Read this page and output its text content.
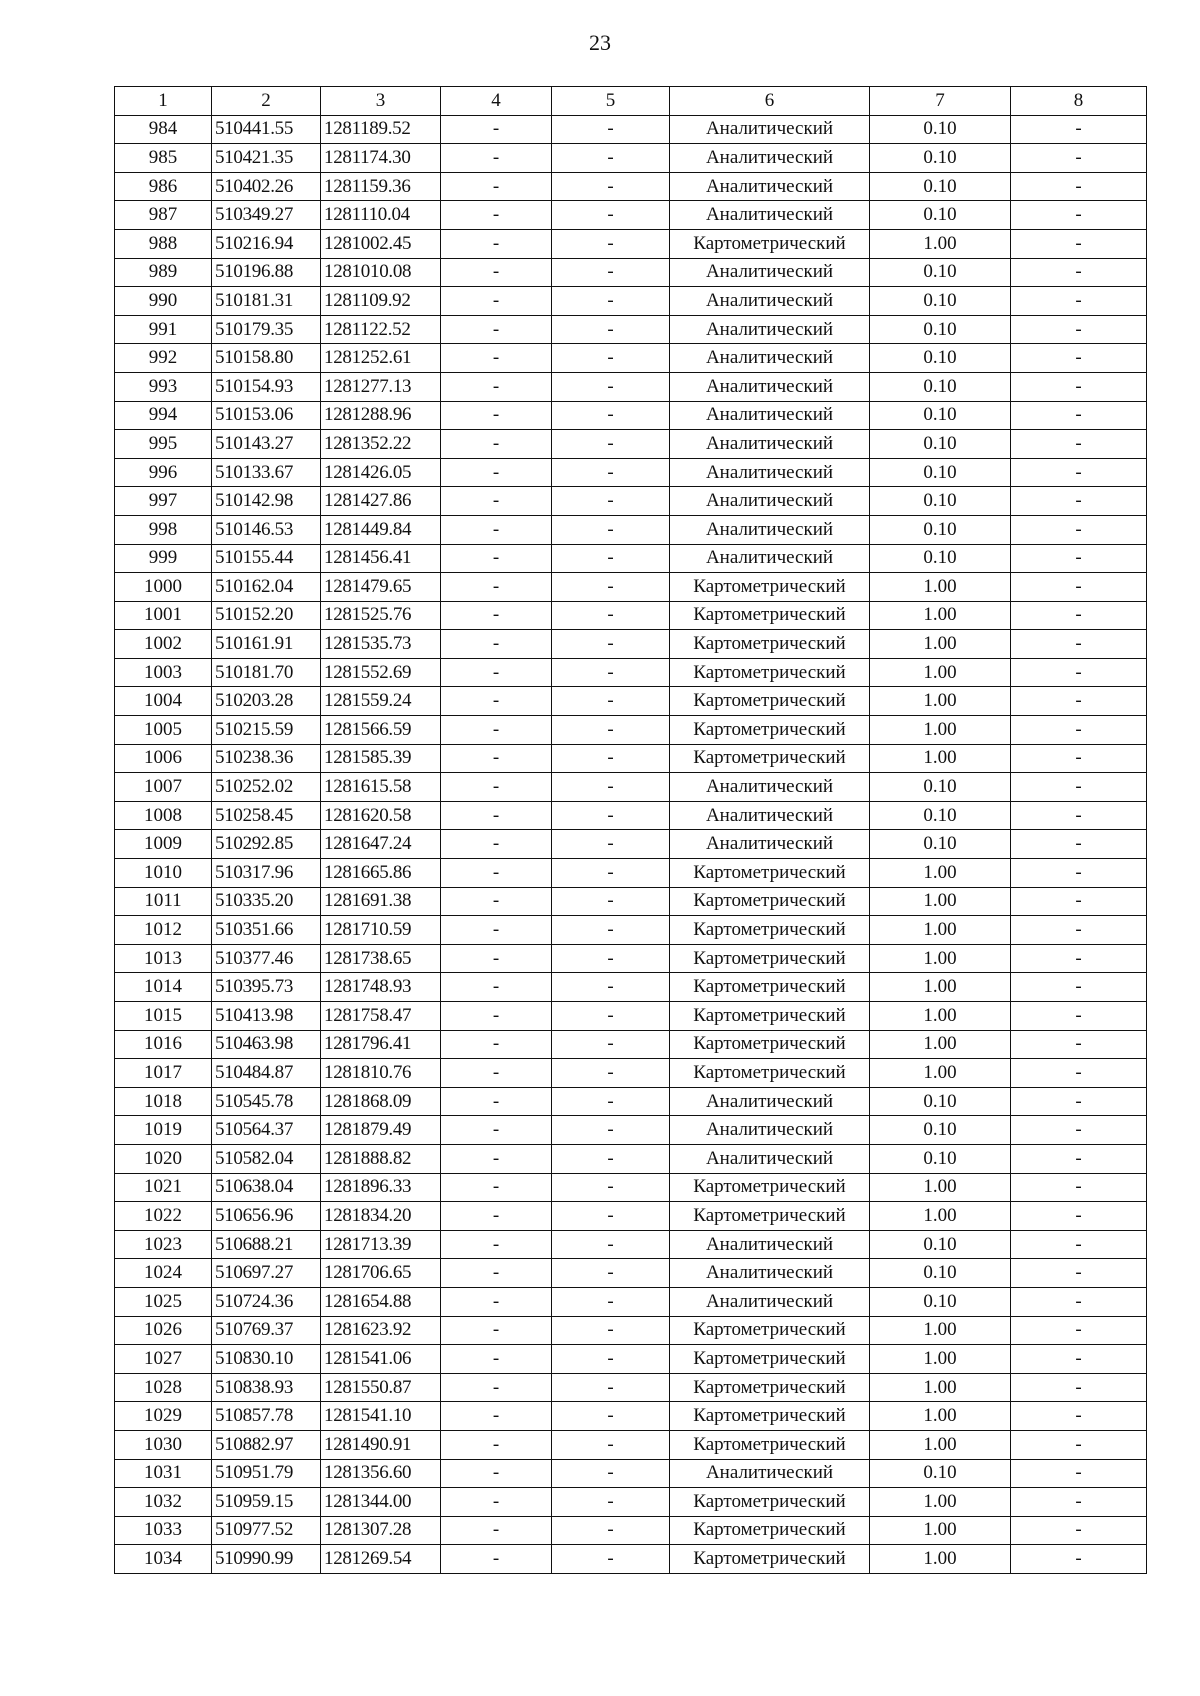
23
1	2	3	4	5	6	7	8
984	510441.55	1281189.52	-	-	Аналитический	0.10	-
985	510421.35	1281174.30	-	-	Аналитический	0.10	-
986	510402.26	1281159.36	-	-	Аналитический	0.10	-
987	510349.27	1281110.04	-	-	Аналитический	0.10	-
988	510216.94	1281002.45	-	-	Картометрический	1.00	-
989	510196.88	1281010.08	-	-	Аналитический	0.10	-
990	510181.31	1281109.92	-	-	Аналитический	0.10	-
991	510179.35	1281122.52	-	-	Аналитический	0.10	-
992	510158.80	1281252.61	-	-	Аналитический	0.10	-
993	510154.93	1281277.13	-	-	Аналитический	0.10	-
994	510153.06	1281288.96	-	-	Аналитический	0.10	-
995	510143.27	1281352.22	-	-	Аналитический	0.10	-
996	510133.67	1281426.05	-	-	Аналитический	0.10	-
997	510142.98	1281427.86	-	-	Аналитический	0.10	-
998	510146.53	1281449.84	-	-	Аналитический	0.10	-
999	510155.44	1281456.41	-	-	Аналитический	0.10	-
1000	510162.04	1281479.65	-	-	Картометрический	1.00	-
1001	510152.20	1281525.76	-	-	Картометрический	1.00	-
1002	510161.91	1281535.73	-	-	Картометрический	1.00	-
1003	510181.70	1281552.69	-	-	Картометрический	1.00	-
1004	510203.28	1281559.24	-	-	Картометрический	1.00	-
1005	510215.59	1281566.59	-	-	Картометрический	1.00	-
1006	510238.36	1281585.39	-	-	Картометрический	1.00	-
1007	510252.02	1281615.58	-	-	Аналитический	0.10	-
1008	510258.45	1281620.58	-	-	Аналитический	0.10	-
1009	510292.85	1281647.24	-	-	Аналитический	0.10	-
1010	510317.96	1281665.86	-	-	Картометрический	1.00	-
1011	510335.20	1281691.38	-	-	Картометрический	1.00	-
1012	510351.66	1281710.59	-	-	Картометрический	1.00	-
1013	510377.46	1281738.65	-	-	Картометрический	1.00	-
1014	510395.73	1281748.93	-	-	Картометрический	1.00	-
1015	510413.98	1281758.47	-	-	Картометрический	1.00	-
1016	510463.98	1281796.41	-	-	Картометрический	1.00	-
1017	510484.87	1281810.76	-	-	Картометрический	1.00	-
1018	510545.78	1281868.09	-	-	Аналитический	0.10	-
1019	510564.37	1281879.49	-	-	Аналитический	0.10	-
1020	510582.04	1281888.82	-	-	Аналитический	0.10	-
1021	510638.04	1281896.33	-	-	Картометрический	1.00	-
1022	510656.96	1281834.20	-	-	Картометрический	1.00	-
1023	510688.21	1281713.39	-	-	Аналитический	0.10	-
1024	510697.27	1281706.65	-	-	Аналитический	0.10	-
1025	510724.36	1281654.88	-	-	Аналитический	0.10	-
1026	510769.37	1281623.92	-	-	Картометрический	1.00	-
1027	510830.10	1281541.06	-	-	Картометрический	1.00	-
1028	510838.93	1281550.87	-	-	Картометрический	1.00	-
1029	510857.78	1281541.10	-	-	Картометрический	1.00	-
1030	510882.97	1281490.91	-	-	Картометрический	1.00	-
1031	510951.79	1281356.60	-	-	Аналитический	0.10	-
1032	510959.15	1281344.00	-	-	Картометрический	1.00	-
1033	510977.52	1281307.28	-	-	Картометрический	1.00	-
1034	510990.99	1281269.54	-	-	Картометрический	1.00	-
